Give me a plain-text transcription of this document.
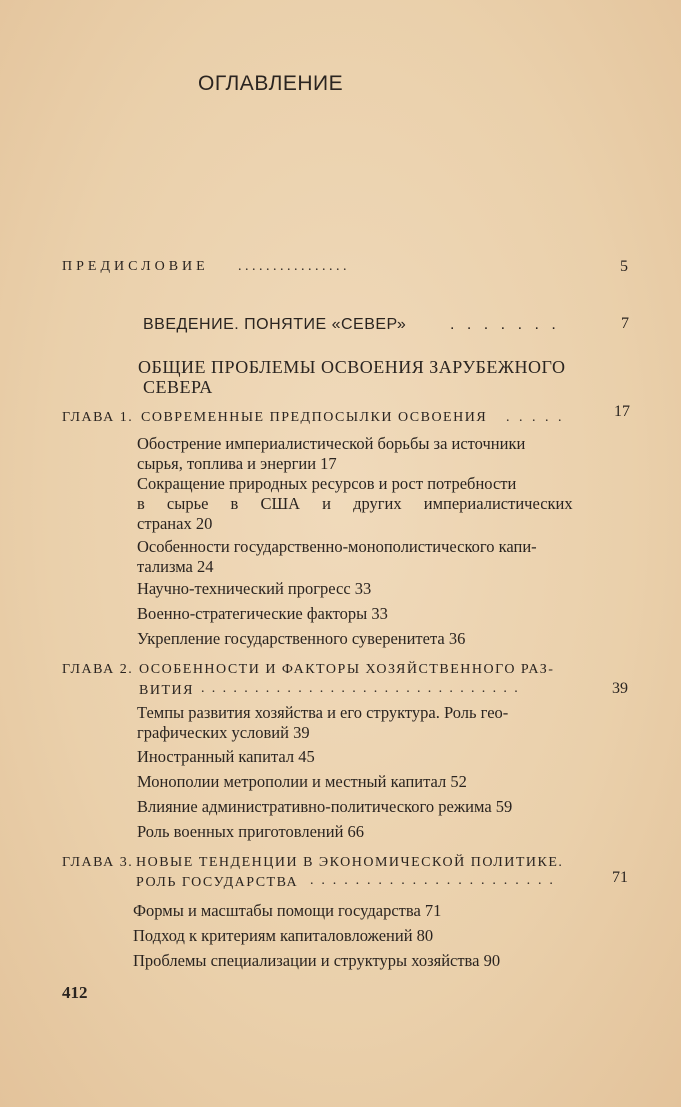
ОГЛАВЛЕНИЕ
ПРЕДИСЛОВИЕ . . . . . . . . . . . . . . . .	5
ВВЕДЕНИЕ. ПОНЯТИЕ «СЕВЕР»	. . . . . . .	7
ОБЩИЕ ПРОБЛЕМЫ ОСВОЕНИЯ ЗАРУБЕЖНОГО
СЕВЕРА
ГЛАВА 1. СОВРЕМЕННЫЕ ПРЕДПОСЫЛКИ ОСВОЕНИЯ . . . . .	17
Обострение империалистической борьбы за источники
сырья, топлива и энергии 17
Сокращение природных ресурсов и рост потребности
в сырье в США и других империалистических
странах 20
Особенности государственно-монополистического капи-
тализма 24
Научно-технический прогресс 33
Военно-стратегические факторы 33
Укрепление государственного суверенитета 36
ГЛАВА 2. ОСОБЕННОСТИ И ФАКТОРЫ ХОЗЯЙСТВЕННОГО РАЗ-
ВИТИЯ . . . . . . . . . . . . . . . . . . . . . . . . . . . . . .	39
Темпы развития хозяйства и его структура. Роль гео-
графических условий 39
Иностранный капитал 45
Монополии метрополии и местный капитал 52
Влияние административно-политического режима 59
Роль военных приготовлений 66
ГЛАВА 3. НОВЫЕ ТЕНДЕНЦИИ В ЭКОНОМИЧЕСКОЙ ПОЛИТИКЕ.
РОЛЬ ГОСУДАРСТВА . . . . . . . . . . . . . . . . . . . . . .	71
Формы и масштабы помощи государства 71
Подход к критериям капиталовложений 80
Проблемы специализации и структуры хозяйства 90
412
